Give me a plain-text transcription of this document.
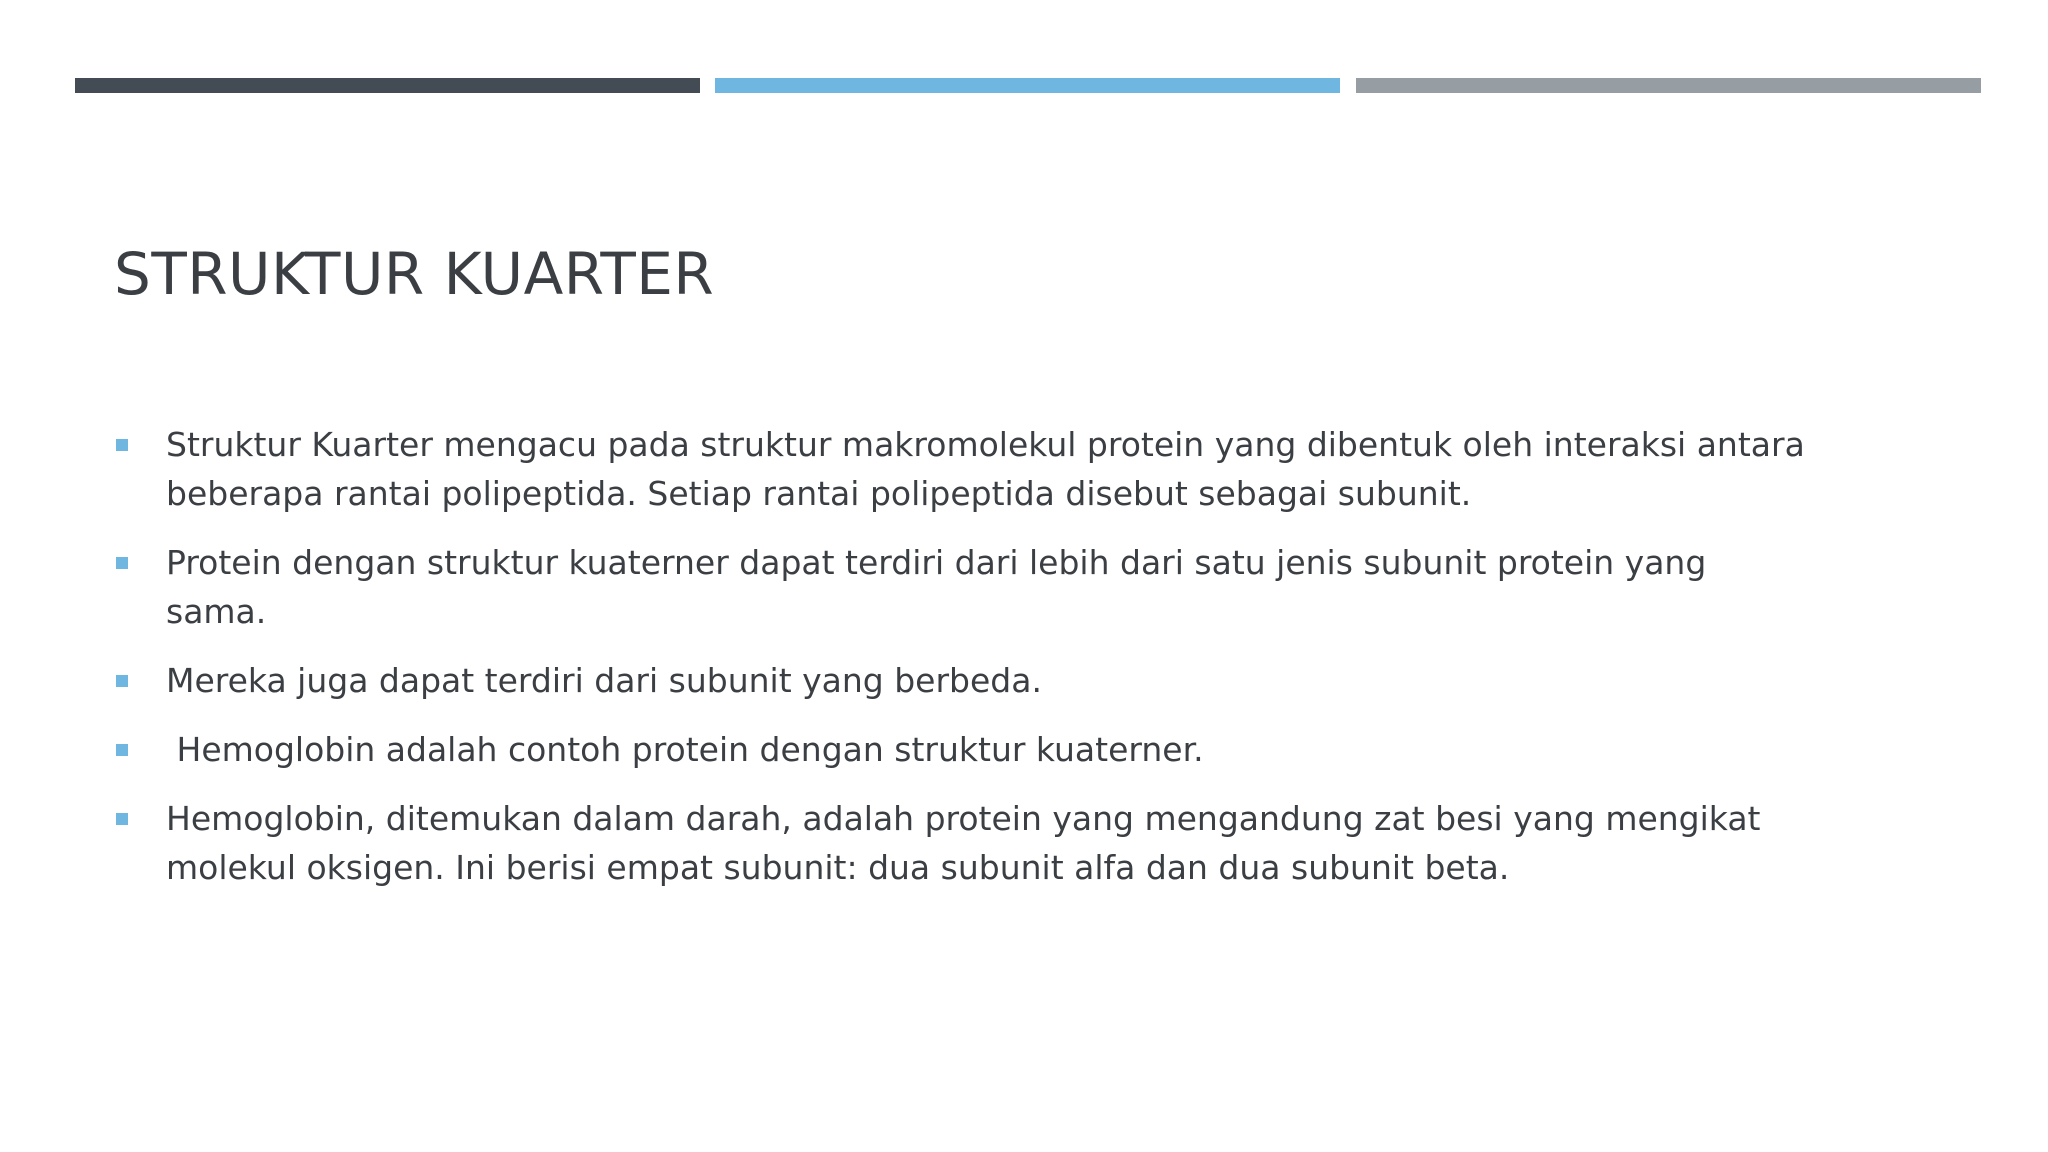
STRUKTUR KUARTER
Struktur Kuarter mengacu pada struktur makromolekul protein yang dibentuk oleh interaksi antara beberapa rantai polipeptida. Setiap rantai polipeptida disebut sebagai subunit.
Protein dengan struktur kuaterner dapat terdiri dari lebih dari satu jenis subunit protein yang sama.
Mereka juga dapat terdiri dari subunit yang berbeda.
Hemoglobin adalah contoh protein dengan struktur kuaterner.
Hemoglobin, ditemukan dalam darah, adalah protein yang mengandung zat besi yang mengikat molekul oksigen. Ini berisi empat subunit: dua subunit alfa dan dua subunit beta.
